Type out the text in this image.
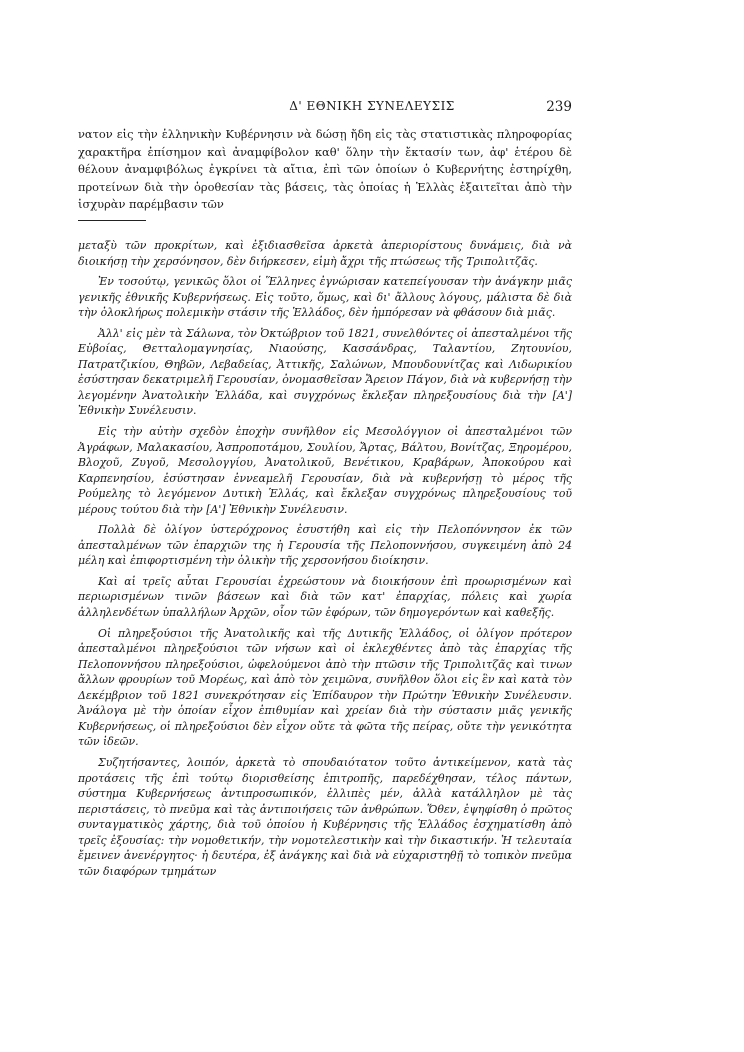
Δ' ΕΘΝΙΚΗ ΣΥΝΕΛΕΥΣΙΣ	239

νατον εἰς τὴν ἑλληνικὴν Κυβέρνησιν νὰ δώσῃ ἤδη εἰς τὰς στατιστικὰς πληροφορίας χαρακτῆρα ἐπίσημον καὶ ἀναμφίβολον καθ' ὅλην τὴν ἔκτασίν των, ἀφ' ἑτέρου δὲ θέλουν ἀναμφιβόλως ἐγκρίνει τὰ αἴτια, ἐπὶ τῶν ὁποίων ὁ Κυβερνήτης ἐστηρίχθη, προτείνων διὰ τὴν ὁροθεσίαν τὰς βάσεις, τὰς ὁποίας ἡ Ἑλλὰς ἐξαιτεῖται ἀπὸ τὴν ἰσχυρὰν παρέμβασιν τῶν

μεταξὺ τῶν προκρίτων, καὶ ἐξιδιασθεῖσα ἀρκετὰ ἀπεριορίστους δυνάμεις, διὰ νὰ διοικήσῃ τὴν χερσόνησον, δὲν διήρκεσεν, εἰμὴ ἄχρι τῆς πτώσεως τῆς Τριπολιτζᾶς.

Ἐν τοσούτῳ, γενικῶς ὅλοι οἱ Ἕλληνες ἐγνώρισαν κατεπείγουσαν τὴν ἀνάγκην μιᾶς γενικῆς ἐθνικῆς Κυβερνήσεως. Εἰς τοῦτο, ὅμως, καὶ δι' ἄλλους λόγους, μάλιστα δὲ διὰ τὴν ὁλοκλήρως πολεμικὴν στάσιν τῆς Ἑλλάδος, δὲν ἠμπόρεσαν νὰ φθάσουν διὰ μιᾶς.

Ἀλλ' εἰς μὲν τὰ Σάλωνα, τὸν Ὀκτώβριον τοῦ 1821, συνελθόντες οἱ ἀπεσταλμένοι τῆς Εὐβοίας, Θετταλομαγνησίας, Νιαούσης, Κασσάνδρας, Ταλαντίου, Ζητουνίου, Πατρατζικίου, Θηβῶν, Λεβαδείας, Ἀττικῆς, Σαλώνων, Μπουδουνίτζας καὶ Λιδωρικίου ἐσύστησαν δεκατριμελῆ Γερουσίαν, ὀνομασθεῖσαν Ἄρειον Πάγον, διὰ νὰ κυβερνήσῃ τὴν λεγομένην Ἀνατολικὴν Ἑλλάδα, καὶ συγχρόνως ἔκλεξαν πληρεξουσίους διὰ τὴν [Α'] Ἐθνικὴν Συνέλευσιν.

Εἰς τὴν αὐτὴν σχεδὸν ἐποχὴν συνῆλθον εἰς Μεσολόγγιον οἱ ἀπεσταλμένοι τῶν Ἀγράφων, Μαλακασίου, Ἀσπροποτάμου, Σουλίου, Ἄρτας, Βάλτου, Βονίτζας, Ξηρομέρου, Βλοχοῦ, Ζυγοῦ, Μεσολογγίου, Ἀνατολικοῦ, Βενέτικου, Κραβάρων, Ἀποκούρου καὶ Καρπενησίου, ἐσύστησαν ἐννεαμελῆ Γερουσίαν, διὰ νὰ κυβερνήσῃ τὸ μέρος τῆς Ρούμελης τὸ λεγόμενον Δυτικὴ Ἑλλάς, καὶ ἔκλεξαν συγχρόνως πληρεξουσίους τοῦ μέρους τούτου διὰ τὴν [Α'] Ἐθνικὴν Συνέλευσιν.

Πολλὰ δὲ ὀλίγον ὑστερόχρονος ἐσυστήθη καὶ εἰς τὴν Πελοπόννησον ἐκ τῶν ἀπεσταλμένων τῶν ἐπαρχιῶν της ἡ Γερουσία τῆς Πελοποννήσου, συγκειμένη ἀπὸ 24 μέλη καὶ ἐπιφορτισμένη τὴν ὁλικὴν τῆς χερσονήσου διοίκησιν.

Καὶ αἱ τρεῖς αὗται Γερουσίαι ἐχρεώστουν νὰ διοικήσουν ἐπὶ προωρισμένων καὶ περιωρισμένων τινῶν βάσεων καὶ διὰ τῶν κατ' ἐπαρχίας, πόλεις καὶ χωρία ἀλληλενδέτων ὑπαλλήλων Ἀρχῶν, οἷον τῶν ἐφόρων, τῶν δημογερόντων καὶ καθεξῆς.

Οἱ πληρεξούσιοι τῆς Ἀνατολικῆς καὶ τῆς Δυτικῆς Ἑλλάδος, οἱ ὀλίγον πρότερον ἀπεσταλμένοι πληρεξούσιοι τῶν νήσων καὶ οἱ ἐκλεχθέντες ἀπὸ τὰς ἐπαρχίας τῆς Πελοποννήσου πληρεξούσιοι, ὠφελούμενοι ἀπὸ τὴν πτῶσιν τῆς Τριπολιτζᾶς καὶ τινων ἄλλων φρουρίων τοῦ Μορέως, καὶ ἀπὸ τὸν χειμῶνα, συνῆλθον ὅλοι εἰς ἓν καὶ κατὰ τὸν Δεκέμβριον τοῦ 1821 συνεκρότησαν εἰς Ἐπίδαυρον τὴν Πρώτην Ἐθνικὴν Συνέλευσιν. Ἀνάλογα μὲ τὴν ὁποίαν εἶχον ἐπιθυμίαν καὶ χρείαν διὰ τὴν σύστασιν μιᾶς γενικῆς Κυβερνήσεως, οἱ πληρεξούσιοι δὲν εἶχον οὔτε τὰ φῶτα τῆς πείρας, οὔτε τὴν γενικότητα τῶν ἰδεῶν.

Συζητήσαντες, λοιπόν, ἀρκετὰ τὸ σπουδαιότατον τοῦτο ἀντικείμενον, κατὰ τὰς προτάσεις τῆς ἐπὶ τούτῳ διορισθείσης ἐπιτροπῆς, παρεδέχθησαν, τέλος πάντων, σύστημα Κυβερνήσεως ἀντιπροσωπικόν, ἐλλιπὲς μέν, ἀλλὰ κατάλληλον μὲ τὰς περιστάσεις, τὸ πνεῦμα καὶ τὰς ἀντιποιήσεις τῶν ἀνθρώπων. Ὅθεν, ἐψηφίσθη ὁ πρῶτος συνταγματικὸς χάρτης, διὰ τοῦ ὁποίου ἡ Κυβέρνησις τῆς Ἑλλάδος ἐσχηματίσθη ἀπὸ τρεῖς ἐξουσίας: τὴν νομοθετικήν, τὴν νομοτελεστικὴν καὶ τὴν δικαστικήν. Ἡ τελευταία ἔμεινεν ἀνενέργητος· ἡ δευτέρα, ἐξ ἀνάγκης καὶ διὰ νὰ εὐχαριστηθῇ τὸ τοπικὸν πνεῦμα τῶν διαφόρων τμημάτων
